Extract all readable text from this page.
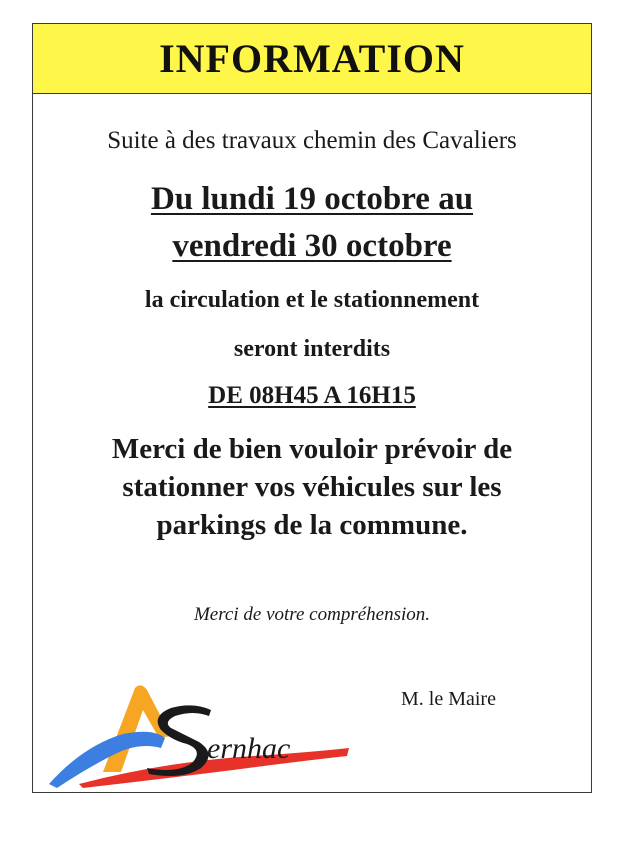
INFORMATION
Suite à des travaux chemin des Cavaliers
Du lundi 19 octobre au
vendredi 30 octobre
la circulation et le stationnement
seront interdits
DE 08H45 A 16H15
Merci de bien vouloir prévoir de
stationner vos véhicules sur les
parkings de la commune.
Merci de votre compréhension.
M. le Maire
ernhac
